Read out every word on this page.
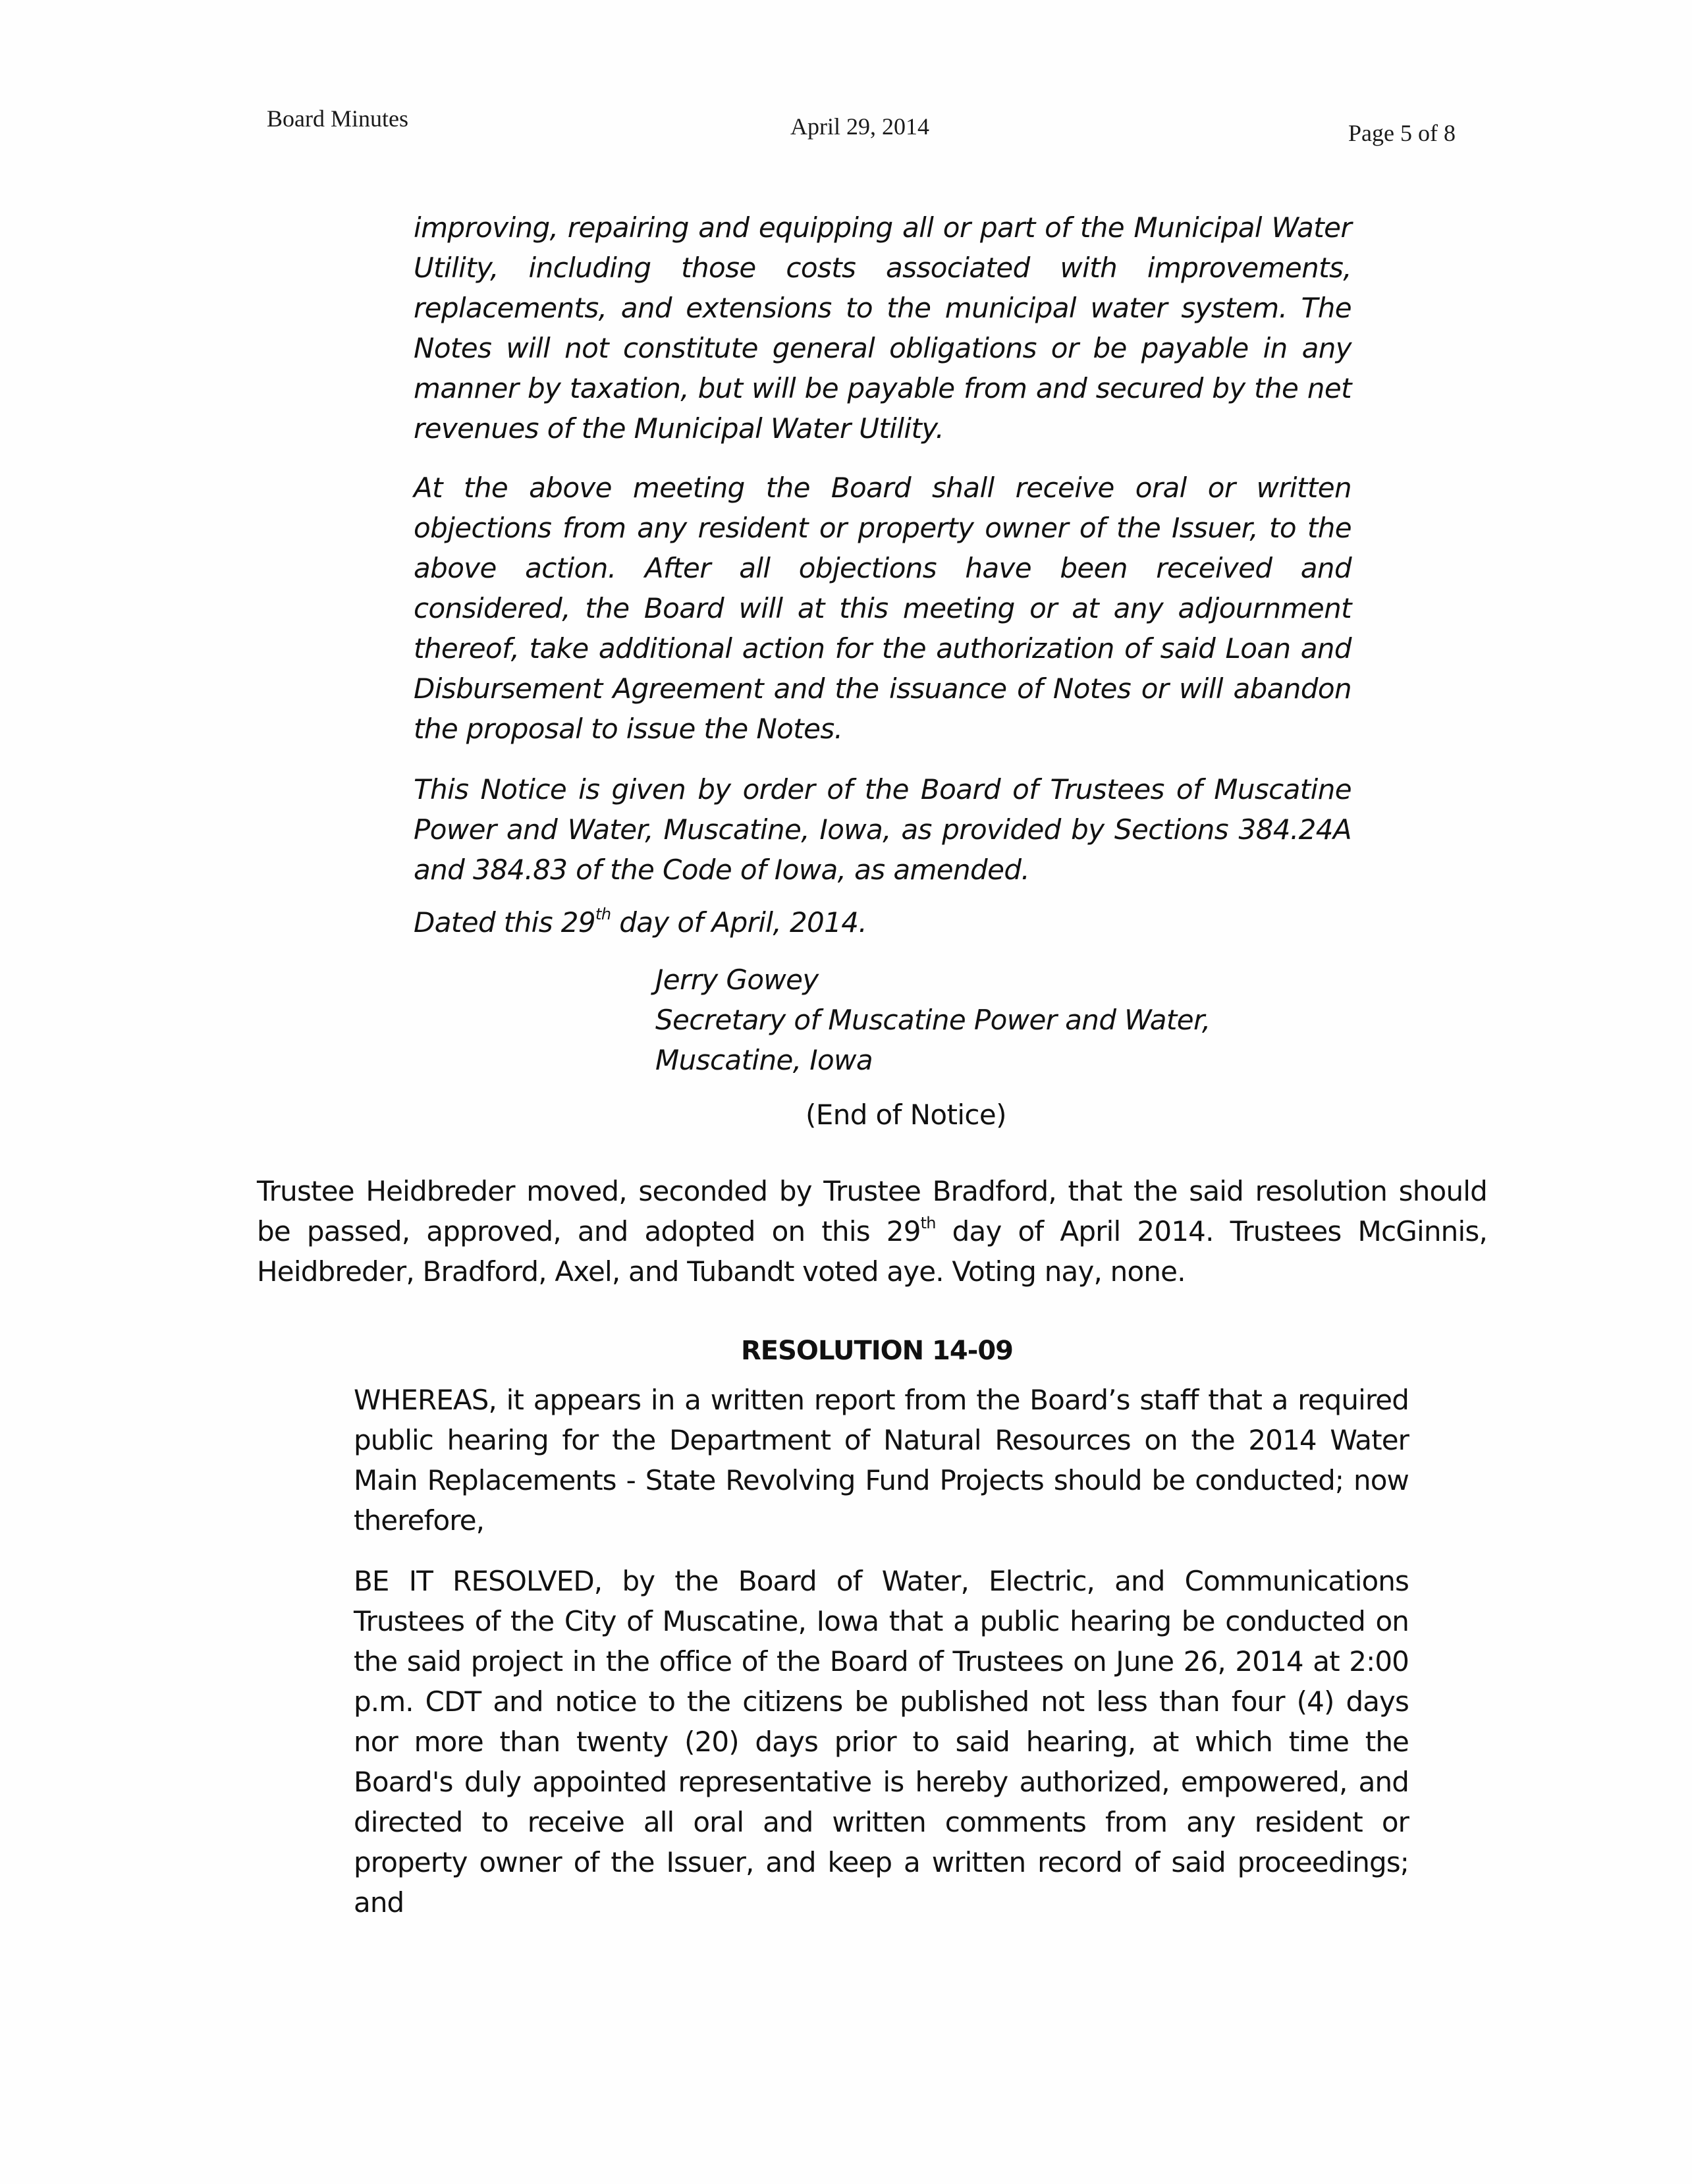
Board Minutes	April 29, 2014	Page 5 of 8

improving, repairing and equipping all or part of the Municipal Water Utility, including those costs associated with improvements, replacements, and extensions to the municipal water system. The Notes will not constitute general obligations or be payable in any manner by taxation, but will be payable from and secured by the net revenues of the Municipal Water Utility.

At the above meeting the Board shall receive oral or written objections from any resident or property owner of the Issuer, to the above action. After all objections have been received and considered, the Board will at this meeting or at any adjournment thereof, take additional action for the authorization of said Loan and Disbursement Agreement and the issuance of Notes or will abandon the proposal to issue the Notes.

This Notice is given by order of the Board of Trustees of Muscatine Power and Water, Muscatine, Iowa, as provided by Sections 384.24A and 384.83 of the Code of Iowa, as amended.

Dated this 29th day of April, 2014.

Jerry Gowey
Secretary of Muscatine Power and Water,
Muscatine, Iowa
(End of Notice)

Trustee Heidbreder moved, seconded by Trustee Bradford, that the said resolution should be passed, approved, and adopted on this 29th day of April 2014. Trustees McGinnis, Heidbreder, Bradford, Axel, and Tubandt voted aye. Voting nay, none.

RESOLUTION 14-09

WHEREAS, it appears in a written report from the Board’s staff that a required public hearing for the Department of Natural Resources on the 2014 Water Main Replacements - State Revolving Fund Projects should be conducted; now therefore,

BE IT RESOLVED, by the Board of Water, Electric, and Communications Trustees of the City of Muscatine, Iowa that a public hearing be conducted on the said project in the office of the Board of Trustees on June 26, 2014 at 2:00 p.m. CDT and notice to the citizens be published not less than four (4) days nor more than twenty (20) days prior to said hearing, at which time the Board's duly appointed representative is hereby authorized, empowered, and directed to receive all oral and written comments from any resident or property owner of the Issuer, and keep a written record of said proceedings; and
